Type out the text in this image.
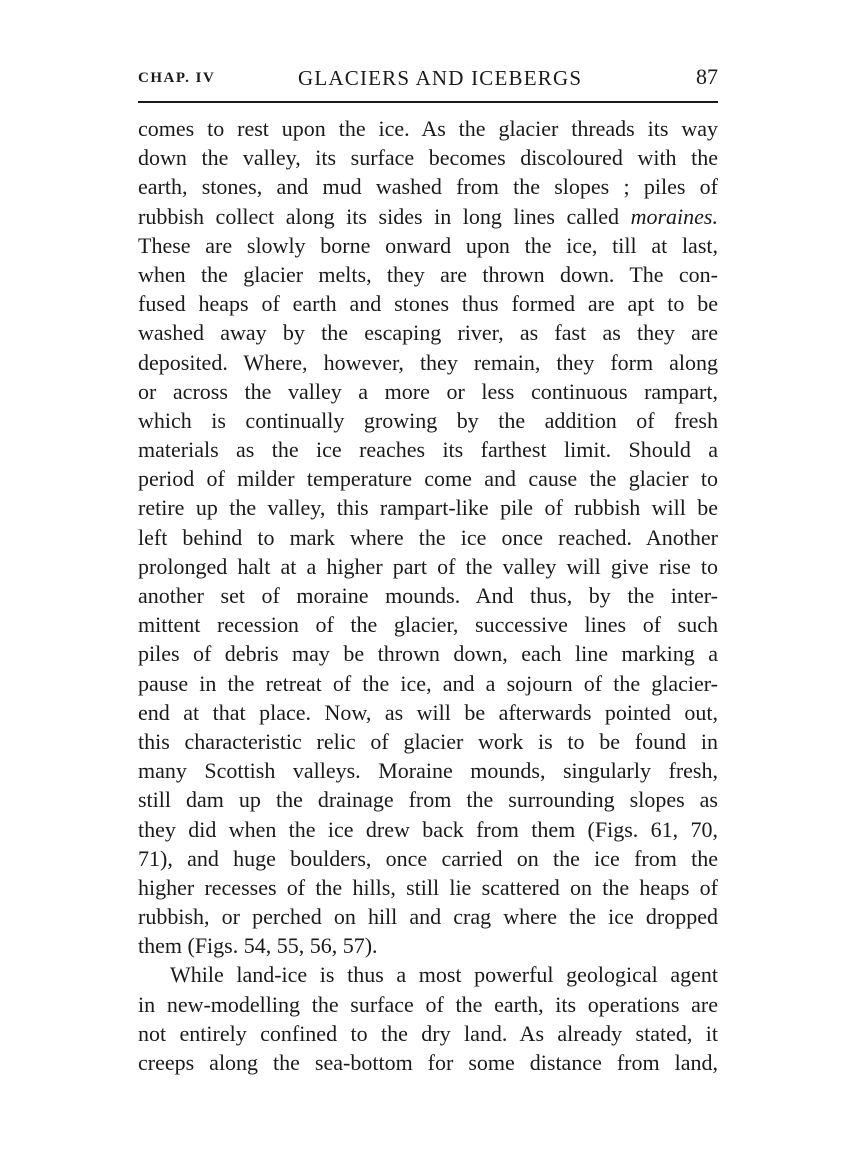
CHAP. IV	GLACIERS AND ICEBERGS	87
comes to rest upon the ice. As the glacier threads its way
down the valley, its surface becomes discoloured with the
earth, stones, and mud washed from the slopes ; piles of
rubbish collect along its sides in long lines called moraines.
These are slowly borne onward upon the ice, till at last,
when the glacier melts, they are thrown down. The con-
fused heaps of earth and stones thus formed are apt to be
washed away by the escaping river, as fast as they are
deposited. Where, however, they remain, they form along
or across the valley a more or less continuous rampart,
which is continually growing by the addition of fresh
materials as the ice reaches its farthest limit. Should a
period of milder temperature come and cause the glacier to
retire up the valley, this rampart-like pile of rubbish will be
left behind to mark where the ice once reached. Another
prolonged halt at a higher part of the valley will give rise to
another set of moraine mounds. And thus, by the inter-
mittent recession of the glacier, successive lines of such
piles of debris may be thrown down, each line marking a
pause in the retreat of the ice, and a sojourn of the glacier-
end at that place. Now, as will be afterwards pointed out,
this characteristic relic of glacier work is to be found in
many Scottish valleys. Moraine mounds, singularly fresh,
still dam up the drainage from the surrounding slopes as
they did when the ice drew back from them (Figs. 61, 70,
71), and huge boulders, once carried on the ice from the
higher recesses of the hills, still lie scattered on the heaps of
rubbish, or perched on hill and crag where the ice dropped
them (Figs. 54, 55, 56, 57).
While land-ice is thus a most powerful geological agent
in new-modelling the surface of the earth, its operations are
not entirely confined to the dry land. As already stated, it
creeps along the sea-bottom for some distance from land,
